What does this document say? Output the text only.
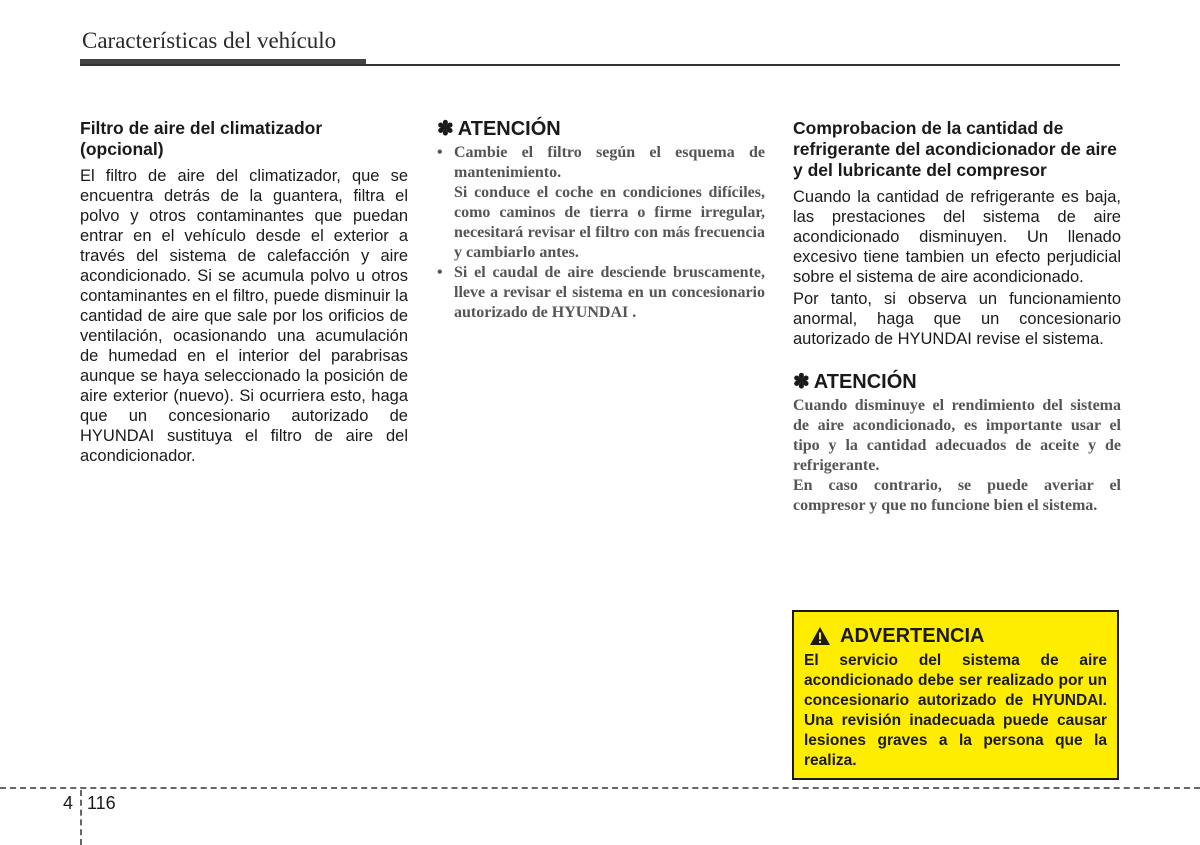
Características del vehículo
Filtro de aire del climatizador (opcional)

El filtro de aire del climatizador, que se encuentra detrás de la guantera, filtra el polvo y otros contaminantes que puedan entrar en el vehículo desde el exterior a través del sistema de calefacción y aire acondicionado. Si se acumula polvo u otros contaminantes en el filtro, puede disminuir la cantidad de aire que sale por los orificios de ventilación, ocasionando una acumulación de humedad en el interior del parabrisas aunque se haya seleccionado la posición de aire exterior (nuevo). Si ocurriera esto, haga que un concesionario autorizado de HYUNDAI sustituya el filtro de aire del acondicionador.

✽ ATENCIÓN
• Cambie el filtro según el esquema de mantenimiento.

Si conduce el coche en condiciones difíciles, como caminos de tierra o firme irregular, necesitará revisar el filtro con más frecuencia y cambiarlo antes.

• Si el caudal de aire desciende bruscamente, lleve a revisar el sistema en un concesionario autorizado de HYUNDAI .

Comprobacion de la cantidad de refrigerante del acondicionador de aire y del lubricante del compresor

Cuando la cantidad de refrigerante es baja, las prestaciones del sistema de aire acondicionado disminuyen. Un llenado excesivo tiene tambien un efecto perjudicial sobre el sistema de aire acondicionado.

Por tanto, si observa un funcionamiento anormal, haga que un concesionario autorizado de HYUNDAI revise el sistema.

✽ ATENCIÓN

Cuando disminuye el rendimiento del sistema de aire acondicionado, es importante usar el tipo y la cantidad adecuados de aceite y de refrigerante.

En caso contrario, se puede averiar el compresor y que no funcione bien el sistema.

ADVERTENCIA

El servicio del sistema de aire acondicionado debe ser realizado por un concesionario autorizado de HYUNDAI. Una revisión inadecuada puede causar lesiones graves a la persona que la realiza.

4 116
